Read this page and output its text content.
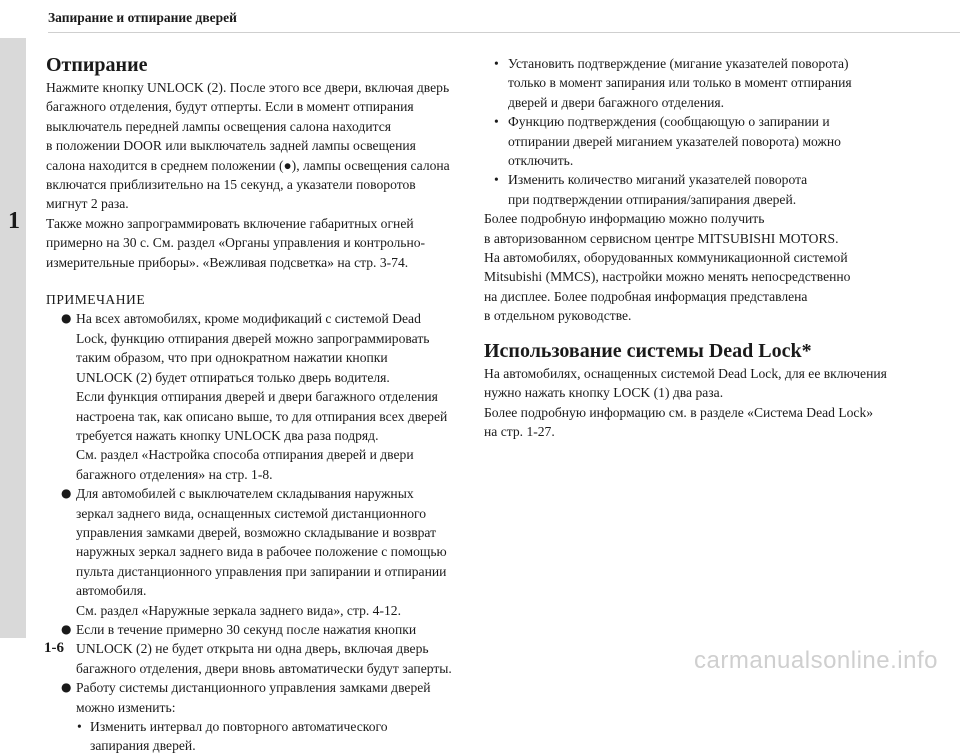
Запирание и отпирание дверей
1
Отпирание

Нажмите кнопку UNLOCK (2). После этого все двери, включая дверь
багажного отделения, будут отперты. Если в момент отпирания
выключатель передней лампы освещения салона находится
в положении DOOR или выключатель задней лампы освещения
салона находится в среднем положении (●), лампы освещения салона
включатся приблизительно на 15 секунд, а указатели поворотов
мигнут 2 раза.
Также можно запрограммировать включение габаритных огней
примерно на 30 с. См. раздел «Органы управления и контрольно-
измерительные приборы». «Вежливая подсветка» на стр. 3-74.

ПРИМЕЧАНИЕ
● На всех автомобилях, кроме модификаций с системой Dead
Lock, функцию отпирания дверей можно запрограммировать
таким образом, что при однократном нажатии кнопки
UNLOCK (2) будет отпираться только дверь водителя.
Если функция отпирания дверей и двери багажного отделения
настроена так, как описано выше, то для отпирания всех дверей
требуется нажать кнопку UNLOCK два раза подряд.
См. раздел «Настройка способа отпирания дверей и двери
багажного отделения» на стр. 1-8.
● Для автомобилей с выключателем складывания наружных
зеркал заднего вида, оснащенных системой дистанционного
управления замками дверей, возможно складывание и возврат
наружных зеркал заднего вида в рабочее положение с помощью
пульта дистанционного управления при запирании и отпирании
автомобиля.
См. раздел «Наружные зеркала заднего вида», стр. 4-12.
● Если в течение примерно 30 секунд после нажатия кнопки
UNLOCK (2) не будет открыта ни одна дверь, включая дверь
багажного отделения, двери вновь автоматически будут заперты.
● Работу системы дистанционного управления замками дверей
можно изменить:
• Изменить интервал до повторного автоматического
запирания дверей.
• Установить подтверждение (мигание указателей поворота)
только в момент запирания или только в момент отпирания
дверей и двери багажного отделения.
• Функцию подтверждения (сообщающую о запирании и
отпирании дверей миганием указателей поворота) можно
отключить.
• Изменить количество миганий указателей поворота
при подтверждении отпирания/запирания дверей.

Более подробную информацию можно получить
в авторизованном сервисном центре MITSUBISHI MOTORS.
На автомобилях, оборудованных коммуникационной системой
Mitsubishi (MMCS), настройки можно менять непосредственно
на дисплее. Более подробная информация представлена
в отдельном руководстве.

Использование системы Dead Lock*

На автомобилях, оснащенных системой Dead Lock, для ее включения
нужно нажать кнопку LOCK (1) два раза.
Более подробную информацию см. в разделе «Система Dead Lock»
на стр. 1-27.

1-6	carmanualsonline.info
